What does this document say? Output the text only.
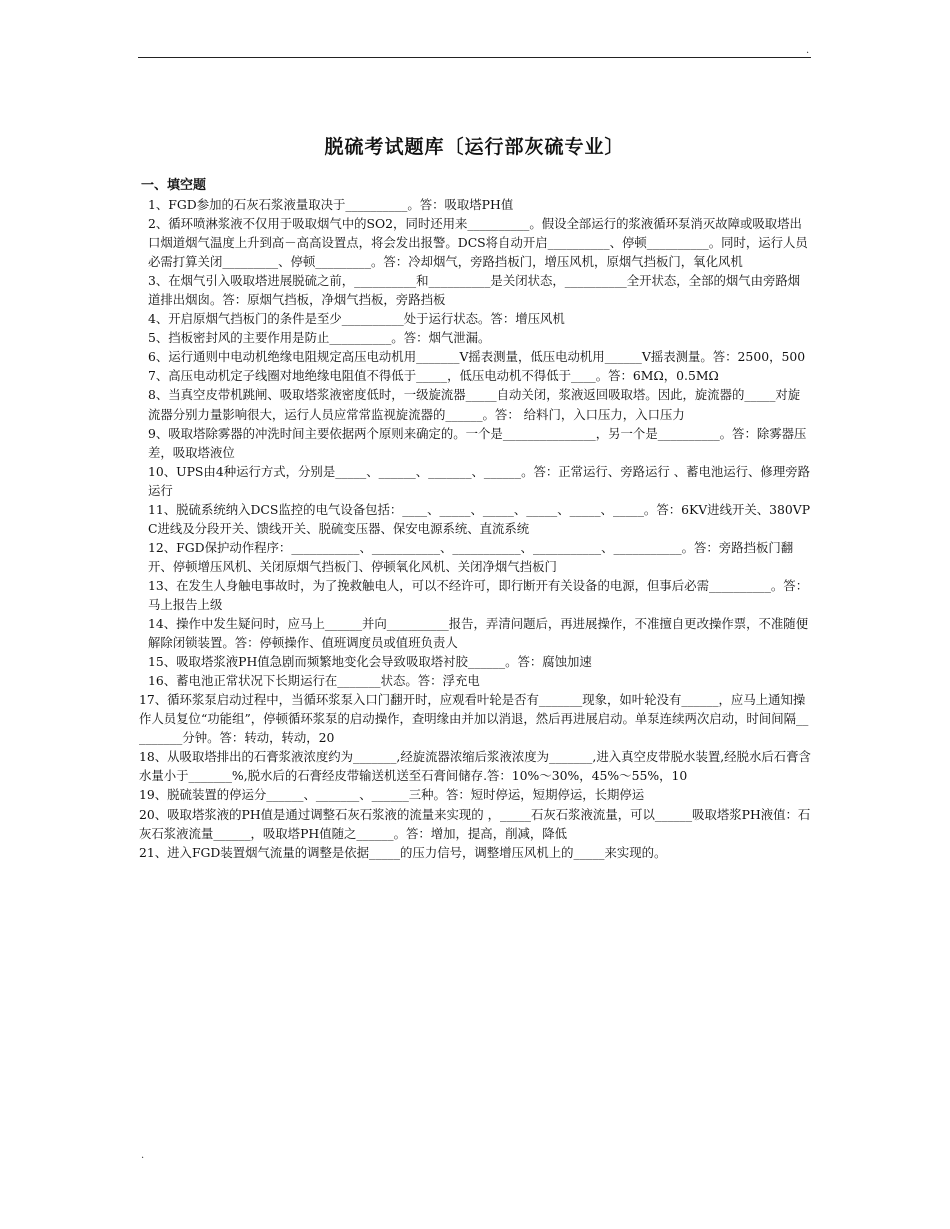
.
脱硫考试题库〔运行部灰硫专业〕
一、填空题

1、FGD参加的石灰石浆液量取决于__________。答：吸取塔PH值

2、循环喷淋浆液不仅用于吸取烟气中的SO2，同时还用来__________。假设全部运行的浆液循环泵消灭故障或吸取塔出口烟道烟气温度上升到高－高高设置点，将会发出报警。DCS将自动开启__________、停顿__________。同时，运行人员必需打算关闭_________、停顿_________。答：冷却烟气，旁路挡板门，增压风机，原烟气挡板门，氧化风机

3、在烟气引入吸取塔进展脱硫之前，__________和__________是关闭状态，__________全开状态，全部的烟气由旁路烟道排出烟囱。答：原烟气挡板，净烟气挡板，旁路挡板

4、开启原烟气挡板门的条件是至少__________处于运行状态。答：增压风机

5、挡板密封风的主要作用是防止__________。答：烟气泄漏。

6、运行通则中电动机绝缘电阻规定高压电动机用_______V摇表测量，低压电动机用______V摇表测量。答：2500，500

7、高压电动机定子线圈对地绝缘电阻值不得低于_____，低压电动机不得低于____。答：6MΩ，0.5MΩ

8、当真空皮带机跳闸、吸取塔浆液密度低时，一级旋流器_____自动关闭，浆液返回吸取塔。因此，旋流器的_____对旋流器分别力量影响很大，运行人员应常常监视旋流器的______。答： 给料门，入口压力，入口压力

9、吸取塔除雾器的冲洗时间主要依据两个原则来确定的。一个是_______________，另一个是__________。答：除雾器压差，吸取塔液位

10、UPS由4种运行方式，分别是_____、______、_______、______。答：正常运行、旁路运行 、蓄电池运行、修理旁路运行

11、脱硫系统纳入DCS监控的电气设备包括：____、_____、_____、_____、_____、_____。答：6KV进线开关、380VPC进线及分段开关、馈线开关、脱硫变压器、保安电源系统、直流系统

12、FGD保护动作程序：___________、___________、___________、___________、___________。答：旁路挡板门翻开、停顿增压风机、关闭原烟气挡板门、停顿氧化风机、关闭净烟气挡板门

13、在发生人身触电事故时，为了挽救触电人，可以不经许可，即行断开有关设备的电源，但事后必需__________。答：马上报告上级

14、操作中发生疑问时，应马上______并向__________报告，弄清问题后，再进展操作，不准擅自更改操作票，不准随便解除闭锁装置。答：停顿操作、值班调度员或值班负责人

15、吸取塔浆液PH值急剧而频繁地变化会导致吸取塔衬胶______。答：腐蚀加速

16、蓄电池正常状况下长期运行在_______状态。答：浮充电

17、循环浆泵启动过程中，当循环浆泵入口门翻开时，应观看叶轮是否有_______现象，如叶轮没有______，应马上通知操作人员复位“功能组”，停顿循环浆泵的启动操作，查明缘由并加以消退，然后再进展启动。单泵连续两次启动，时间间隔_________分钟。答：转动，转动，20

18、从吸取塔排出的石膏浆液浓度约为_______,经旋流器浓缩后浆液浓度为_______,进入真空皮带脱水装置,经脱水后石膏含水量小于_______%,脱水后的石膏经皮带输送机送至石膏间储存.答：10%～30%，45%～55%，10

19、脱硫装置的停运分______、_______、______三种。答：短时停运，短期停运，长期停运

20、吸取塔浆液的PH值是通过调整石灰石浆液的流量来实现的 ，_____石灰石浆液流量，可以______吸取塔浆PH液值：石灰石浆液流量______，吸取塔PH值随之______。答：增加，提高，削减，降低

21、进入FGD装置烟气流量的调整是依据_____的压力信号，调整增压风机上的_____来实现的。

.
